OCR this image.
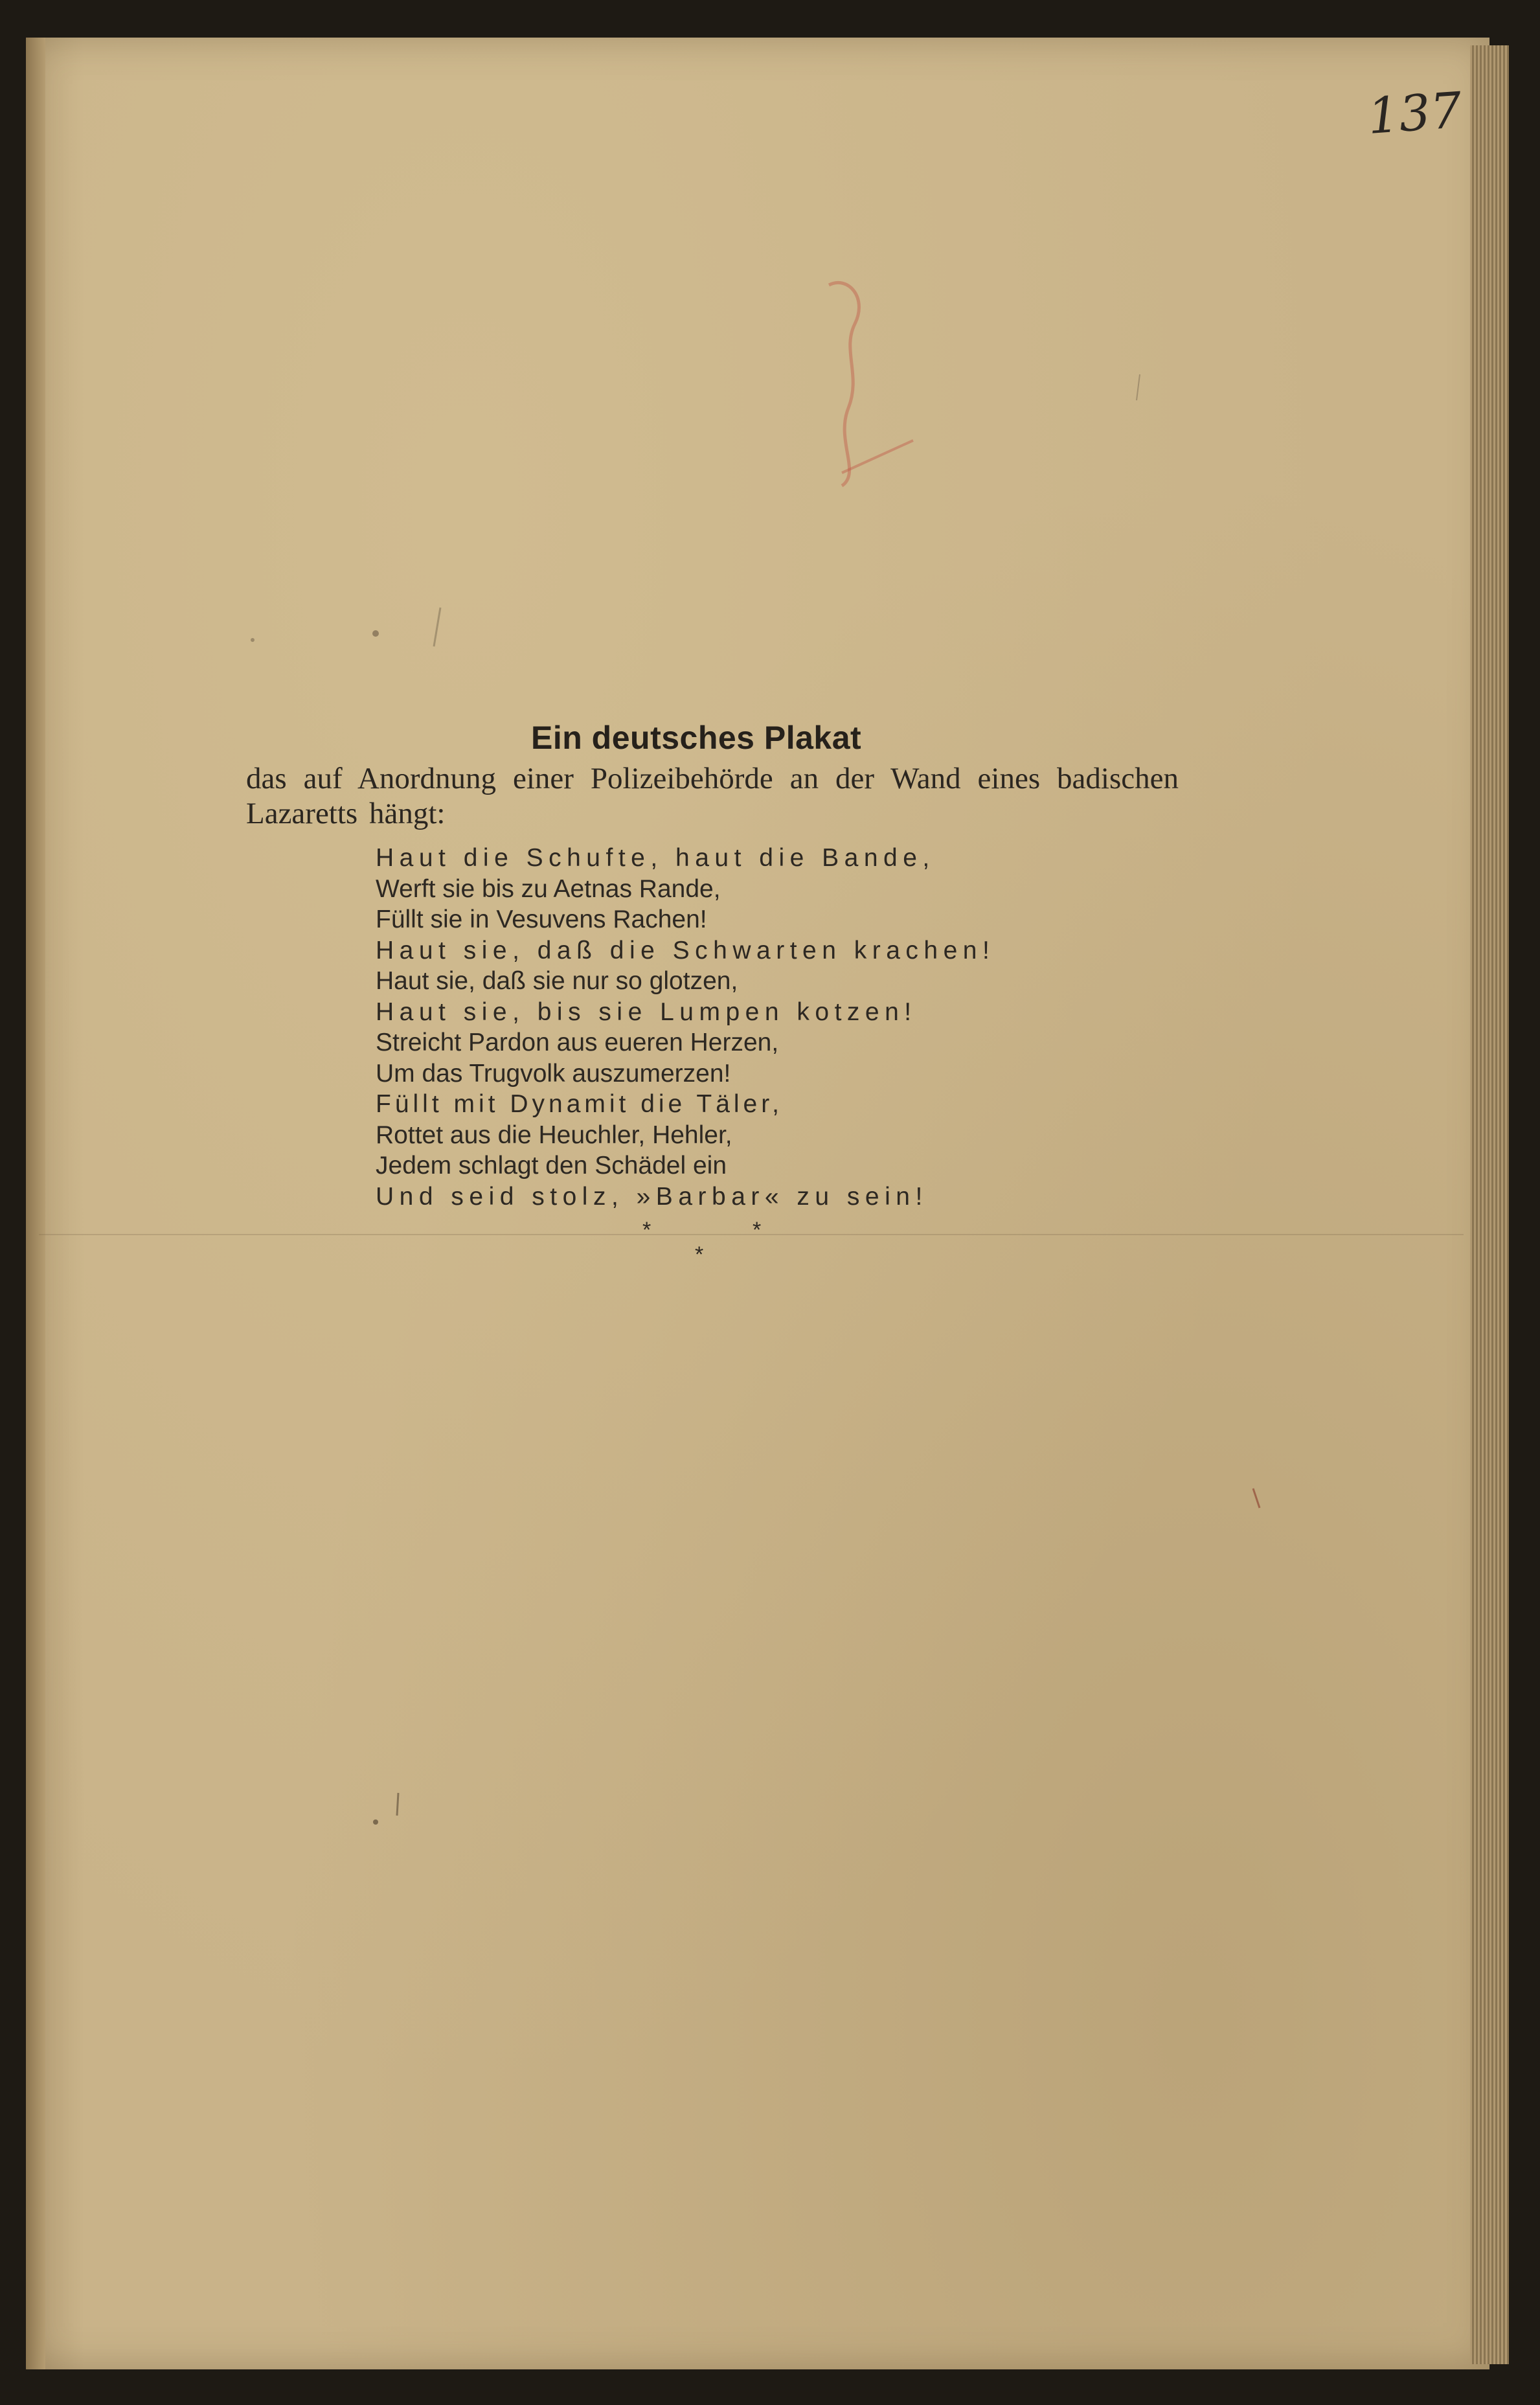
137
Ein deutsches Plakat
das auf Anordnung einer Polizeibehörde an der Wand eines badischen Lazaretts hängt:
Haut die Schufte, haut die Bande,
Werft sie bis zu Aetnas Rande,
Füllt sie in Vesuvens Rachen!
Haut sie, daß die Schwarten krachen!
Haut sie, daß sie nur so glotzen,
Haut sie, bis sie Lumpen kotzen!
Streicht Pardon aus eueren Herzen,
Um das Trugvolk auszumerzen!
Füllt mit Dynamit die Täler,
Rottet aus die Heuchler, Hehler,
Jedem schlagt den Schädel ein
Und seid stolz, »Barbar« zu sein!
*	*
*
